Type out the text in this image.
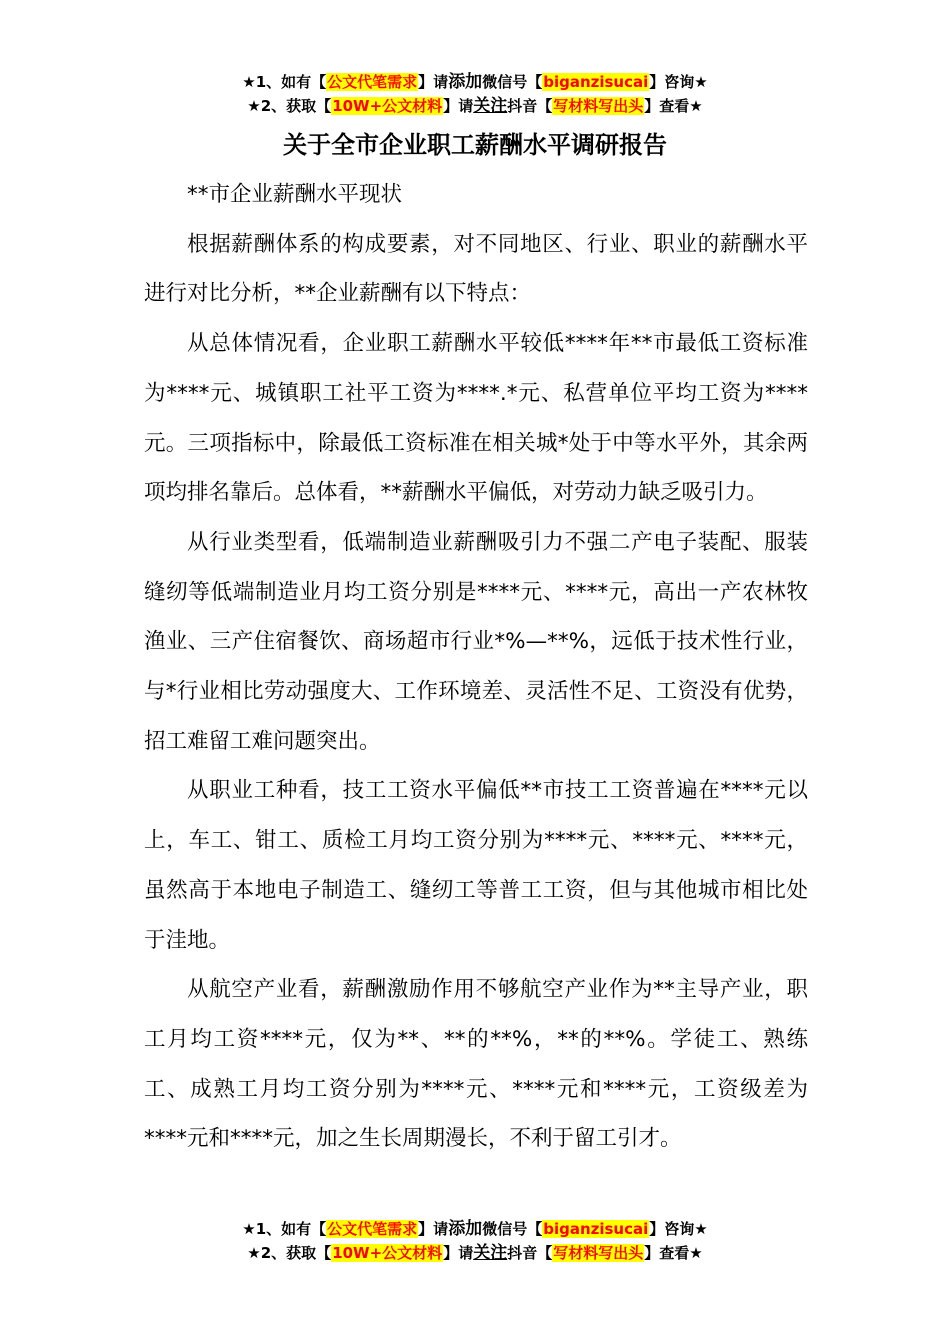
★1、如有【公文代笔需求】请添加微信号【biganzisucai】咨询★
★2、获取【10W+公文材料】请关注抖音【写材料写出头】查看★
关于全市企业职工薪酬水平调研报告

**市企业薪酬水平现状

根据薪酬体系的构成要素，对不同地区、行业、职业的薪酬水平进行对比分析，**企业薪酬有以下特点：

从总体情况看，企业职工薪酬水平较低****年**市最低工资标准为****元、城镇职工社平工资为****.*元、私营单位平均工资为****元。三项指标中，除最低工资标准在相关城*处于中等水平外，其余两项均排名靠后。总体看，**薪酬水平偏低，对劳动力缺乏吸引力。

从行业类型看，低端制造业薪酬吸引力不强二产电子装配、服装缝纫等低端制造业月均工资分别是****元、****元，高出一产农林牧渔业、三产住宿餐饮、商场超市行业*%—**%，远低于技术性行业，与*行业相比劳动强度大、工作环境差、灵活性不足、工资没有优势，招工难留工难问题突出。

从职业工种看，技工工资水平偏低**市技工工资普遍在****元以上，车工、钳工、质检工月均工资分别为****元、****元、****元，虽然高于本地电子制造工、缝纫工等普工工资，但与其他城市相比处于洼地。

从航空产业看，薪酬激励作用不够航空产业作为**主导产业，职工月均工资****元，仅为**、**的**%，**的**%。学徒工、熟练工、成熟工月均工资分别为****元、****元和****元，工资级差为****元和****元，加之生长周期漫长，不利于留工引才。

★1、如有【公文代笔需求】请添加微信号【biganzisucai】咨询★
★2、获取【10W+公文材料】请关注抖音【写材料写出头】查看★
